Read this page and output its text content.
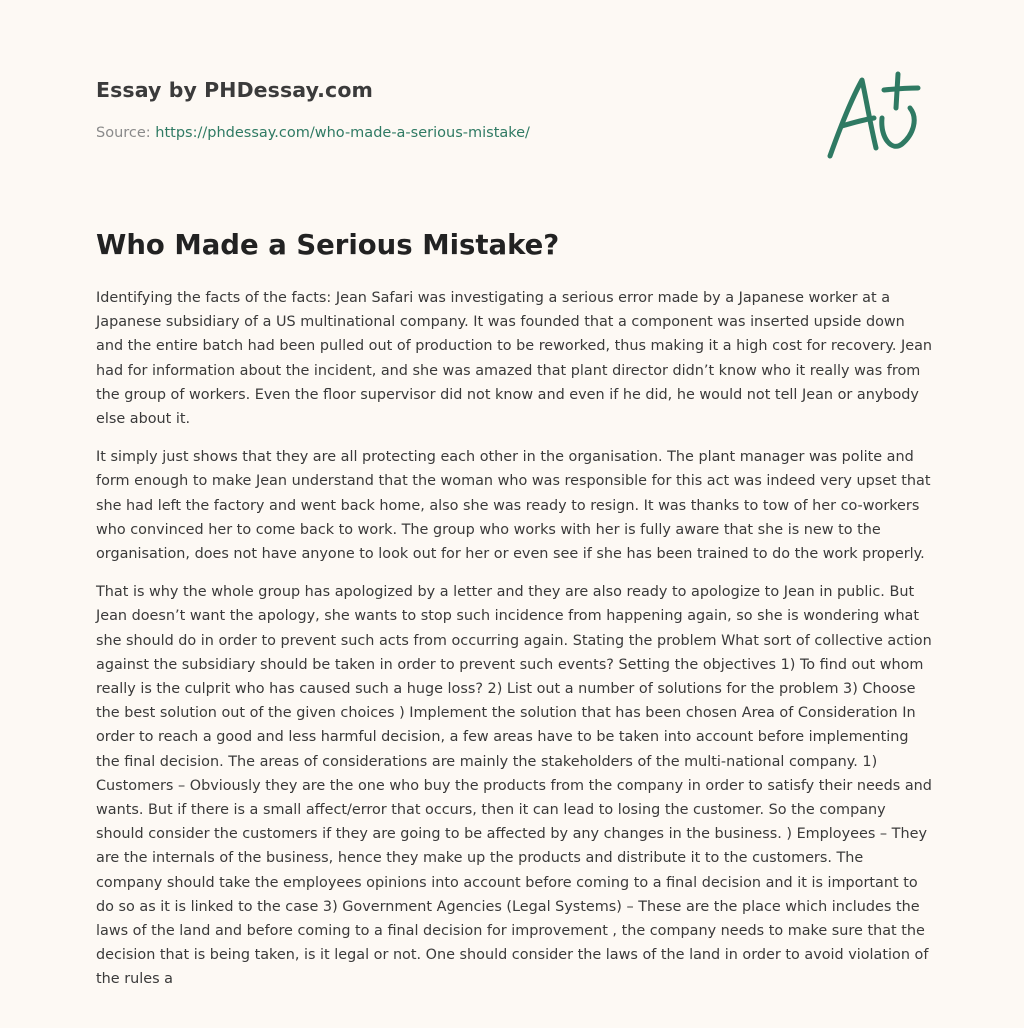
Essay by PHDessay.com
Source: https://phdessay.com/who-made-a-serious-mistake/
Who Made a Serious Mistake?

Identifying the facts of the facts: Jean Safari was investigating a serious error made by a Japanese worker at a Japanese subsidiary of a US multinational company. It was founded that a component was inserted upside down and the entire batch had been pulled out of production to be reworked, thus making it a high cost for recovery. Jean had for information about the incident, and she was amazed that plant director didn’t know who it really was from the group of workers. Even the floor supervisor did not know and even if he did, he would not tell Jean or anybody else about it.

It simply just shows that they are all protecting each other in the organisation. The plant manager was polite and form enough to make Jean understand that the woman who was responsible for this act was indeed very upset that she had left the factory and went back home, also she was ready to resign. It was thanks to tow of her co-workers who convinced her to come back to work. The group who works with her is fully aware that she is new to the organisation, does not have anyone to look out for her or even see if she has been trained to do the work properly.

That is why the whole group has apologized by a letter and they are also ready to apologize to Jean in public. But Jean doesn’t want the apology, she wants to stop such incidence from happening again, so she is wondering what she should do in order to prevent such acts from occurring again. Stating the problem What sort of collective action against the subsidiary should be taken in order to prevent such events? Setting the objectives 1) To find out whom really is the culprit who has caused such a huge loss? 2) List out a number of solutions for the problem 3) Choose the best solution out of the given choices ) Implement the solution that has been chosen Area of Consideration In order to reach a good and less harmful decision, a few areas have to be taken into account before implementing the final decision. The areas of considerations are mainly the stakeholders of the multi-national company. 1) Customers – Obviously they are the one who buy the products from the company in order to satisfy their needs and wants. But if there is a small affect/error that occurs, then it can lead to losing the customer. So the company should consider the customers if they are going to be affected by any changes in the business. ) Employees – They are the internals of the business, hence they make up the products and distribute it to the customers. The company should take the employees opinions into account before coming to a final decision and it is important to do so as it is linked to the case 3) Government Agencies (Legal Systems) – These are the place which includes the laws of the land and before coming to a final decision for improvement , the company needs to make sure that the decision that is being taken, is it legal or not. One should consider the laws of the land in order to avoid violation of the rules a
